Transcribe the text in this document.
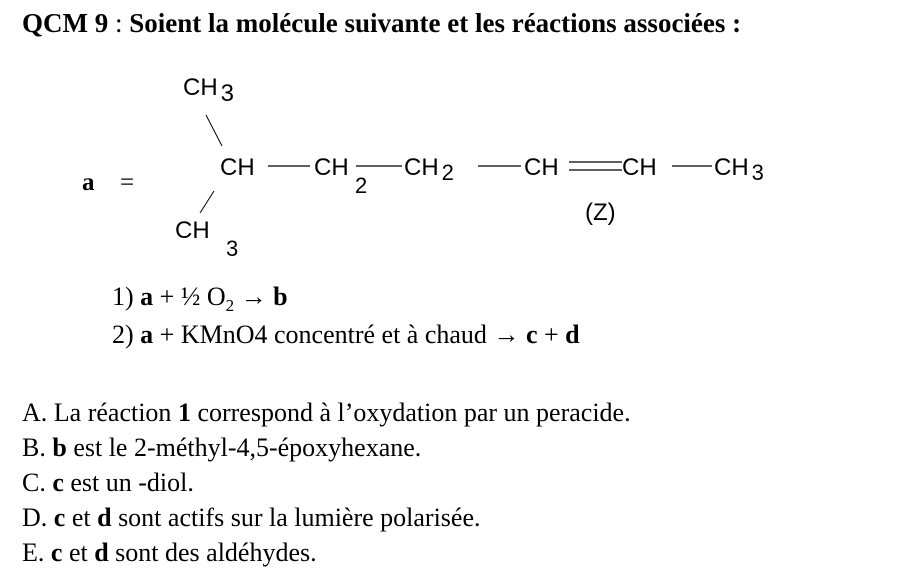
QCM 9 : Soient la molécule suivante et les réactions associées :
a =
CH 3
CH CH
2
CH 2	CH	CH CH 3
CH
3
(Z)
1) a + ½ $O_2 \to b$
2) a + KMnO4 concentré et à chaud → c + d
A. La réaction 1 correspond à l’oxydation par un peracide.
B. b est le 2-méthyl-4,5-époxyhexane.
C. c est un -diol.
D. c et d sont actifs sur la lumière polarisée.
E. c et d sont des aldéhydes.
